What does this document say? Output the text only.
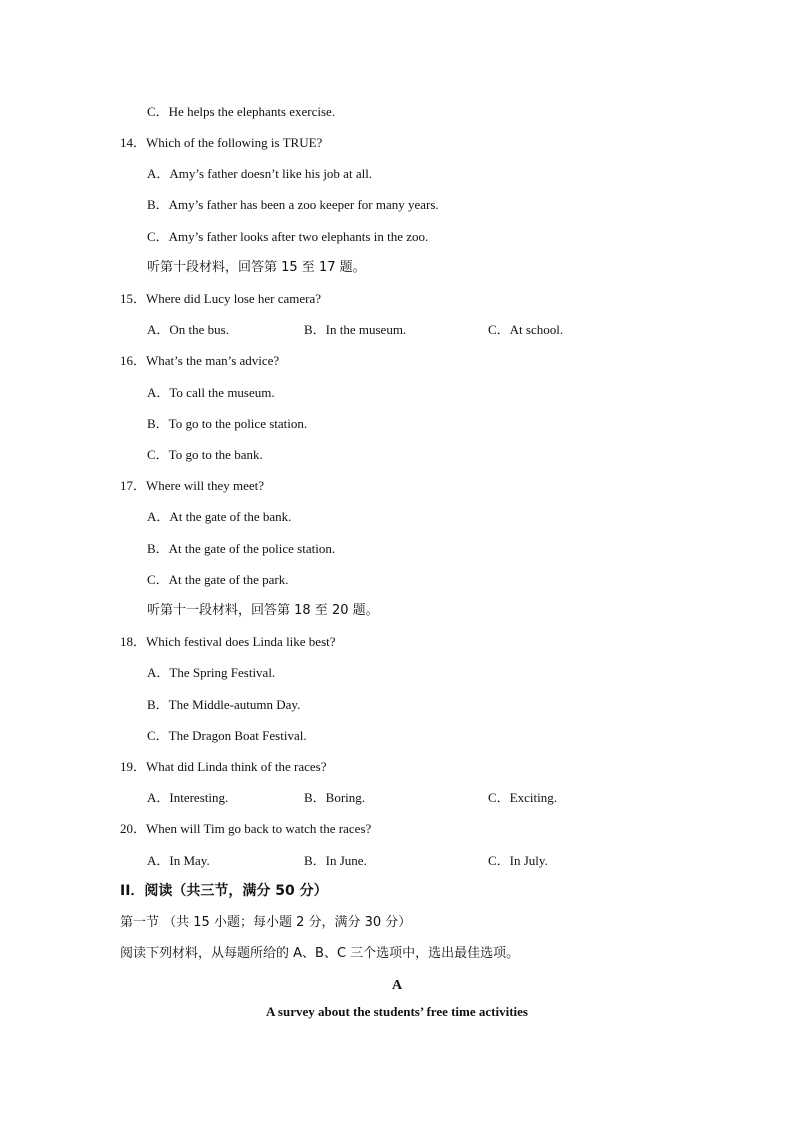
C．He helps the elephants exercise.
14．Which of the following is TRUE?
A．Amy’s father doesn’t like his job at all.
B．Amy’s father has been a zoo keeper for many years.
C．Amy’s father looks after two elephants in the zoo.
听第十段材料，回答第 15 至 17 题。
15．Where did Lucy lose her camera?
A．On the bus.	B．In the museum.	C．At school.
16．What’s the man’s advice?
A．To call the museum.
B．To go to the police station.
C．To go to the bank.
17．Where will they meet?
A．At the gate of the bank.
B．At the gate of the police station.
C．At the gate of the park.
听第十一段材料，回答第 18 至 20 题。
18．Which festival does Linda like best?
A．The Spring Festival.
B．The Middle-autumn Day.
C．The Dragon Boat Festival.
19．What did Linda think of the races?
A．Interesting.	B．Boring.	C．Exciting.
20．When will Tim go back to watch the races?
A．In May.	B．In June.	C．In July.
II．阅读（共三节，满分 50 分）
第一节 （共 15 小题；每小题 2 分，满分 30 分）
阅读下列材料，从每题所给的 A、B、C 三个选项中，选出最佳选项。
A
A survey about the students’ free time activities
